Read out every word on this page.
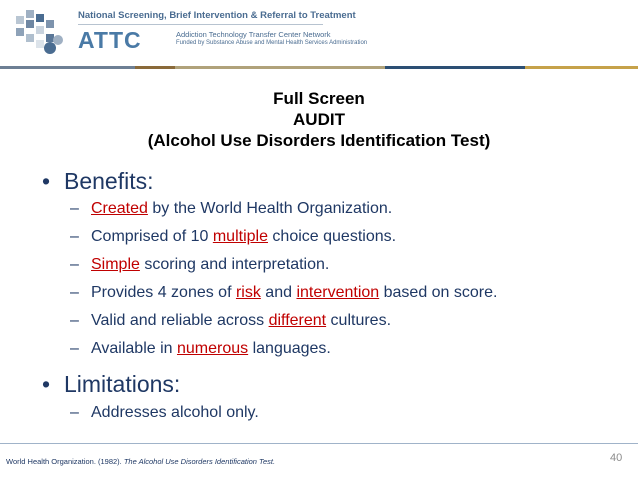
National Screening, Brief Intervention & Referral to Treatment
ATTC	Addiction Technology Transfer Center Network
Funded by Substance Abuse and Mental Health Services Administration
Full Screen
AUDIT
(Alcohol Use Disorders Identification Test)
• Benefits:
– Created by the World Health Organization.
– Comprised of 10 multiple choice questions.
– Simple scoring and interpretation.
– Provides 4 zones of risk and intervention based on score.
– Valid and reliable across different cultures.
– Available in numerous languages.
• Limitations:
– Addresses alcohol only.
World Health Organization. (1982). The Alcohol Use Disorders Identification Test.	40
